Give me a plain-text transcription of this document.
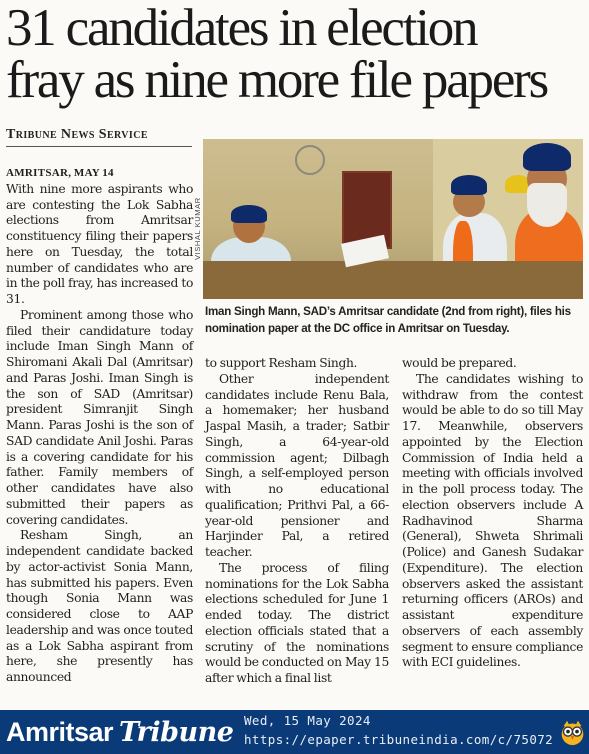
31 candidates in election
fray as nine more file papers
Tribune News Service

AMRITSAR, MAY 14

With nine more aspirants who are contesting the Lok Sabha elections from Amritsar constituency filing their papers here on Tuesday, the total number of candidates who are in the poll fray, has increased to 31.

Prominent among those who filed their candidature today include Iman Singh Mann of Shiromani Akali Dal (Amritsar) and Paras Joshi. Iman Singh is the son of SAD (Amritsar) president Simranjit Singh Mann. Paras Joshi is the son of SAD candidate Anil Joshi. Paras is a covering candidate for his father. Family members of other candidates have also submitted their papers as covering candidates.

Resham Singh, an independent candidate backed by actor-activist Sonia Mann, has submitted his papers. Even though Sonia Mann was considered close to AAP leadership and was once touted as a Lok Sabha aspirant from here, she presently has announced

VISHAL KUMAR
Iman Singh Mann, SAD’s Amritsar candidate (2nd from right), files his nomination paper at the DC office in Amritsar on Tuesday.

to support Resham Singh.

Other independent candidates include Renu Bala, a homemaker; her husband Jaspal Masih, a trader; Satbir Singh, a 64-year-old commission agent; Dilbagh Singh, a self-employed person with no educational qualification; Prithvi Pal, a 66-year-old pensioner and Harjinder Pal, a retired teacher.

The process of filing nominations for the Lok Sabha elections scheduled for June 1 ended today. The district election officials stated that a scrutiny of the nominations would be conducted on May 15 after which a final list

would be prepared.

The candidates wishing to withdraw from the contest would be able to do so till May 17. Meanwhile, observers appointed by the Election Commission of India held a meeting with officials involved in the poll process today. The election observers include A Radhavinod Sharma (General), Shweta Shrimali (Police) and Ganesh Sudakar (Expenditure). The election observers asked the assistant returning officers (AROs) and assistant expenditure observers of each assembly segment to ensure compliance with ECI guidelines.

Amritsar Tribune Wed, 15 May 2024
https://epaper.tribuneindia.com/c/75072
